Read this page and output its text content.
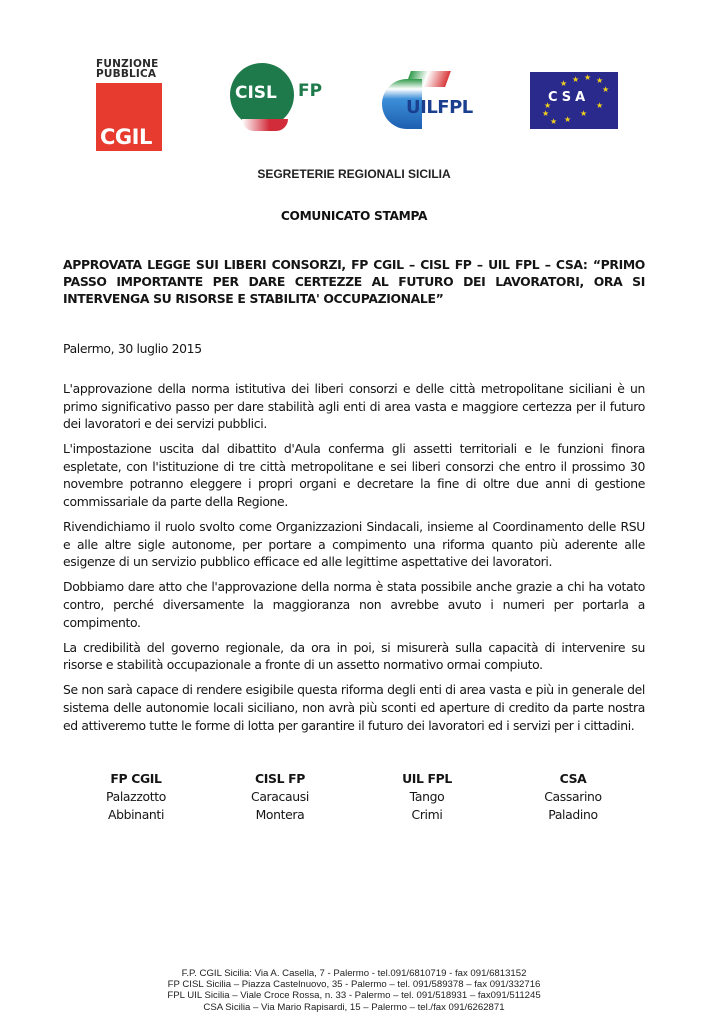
FUNZIONE
PUBBLICA
CGIL
CISL FP
UILFPL
★ ★ ★ ★
★
★
★
★
★
★
★
CSA
SEGRETERIE REGIONALI SICILIA
COMUNICATO STAMPA
APPROVATA LEGGE SUI LIBERI CONSORZI, FP CGIL – CISL FP – UIL FPL – CSA: “PRIMO PASSO IMPORTANTE PER DARE CERTEZZE AL FUTURO DEI LAVORATORI, ORA SI INTERVENGA SU RISORSE E STABILITA' OCCUPAZIONALE”
Palermo, 30 luglio 2015

L'approvazione della norma istitutiva dei liberi consorzi e delle città metropolitane siciliani è un primo significativo passo per dare stabilità agli enti di area vasta e maggiore certezza per il futuro dei lavoratori e dei servizi pubblici.

L'impostazione uscita dal dibattito d'Aula conferma gli assetti territoriali e le funzioni finora espletate, con l'istituzione di tre città metropolitane e sei liberi consorzi che entro il prossimo 30 novembre potranno eleggere i propri organi e decretare la fine di oltre due anni di gestione commissariale da parte della Regione.

Rivendichiamo il ruolo svolto come Organizzazioni Sindacali, insieme al Coordinamento delle RSU e alle altre sigle autonome, per portare a compimento una riforma quanto più aderente alle esigenze di un servizio pubblico efficace ed alle legittime aspettative dei lavoratori.

Dobbiamo dare atto che l'approvazione della norma è stata possibile anche grazie a chi ha votato contro, perché diversamente la maggioranza non avrebbe avuto i numeri per portarla a compimento.

La credibilità del governo regionale, da ora in poi, si misurerà sulla capacità di intervenire su risorse e stabilità occupazionale a fronte di un assetto normativo ormai compiuto.

Se non sarà capace di rendere esigibile questa riforma degli enti di area vasta e più in generale del sistema delle autonomie locali siciliano, non avrà più sconti ed aperture di credito da parte nostra ed attiveremo tutte le forme di lotta per garantire il futuro dei lavoratori ed i servizi per i cittadini.

FP CGIL
Palazzotto
Abbinanti
CISL FP
Caracausi
Montera
UIL FPL
Tango
Crimi
CSA
Cassarino
Paladino
F.P. CGIL Sicilia: Via A. Casella, 7 - Palermo - tel.091/6810719 - fax 091/6813152
FP CISL Sicilia – Piazza Castelnuovo, 35 - Palermo – tel. 091/589378 – fax 091/332716
FPL UIL Sicilia – Viale Croce Rossa, n. 33 - Palermo – tel. 091/518931 – fax091/511245
CSA Sicilia – Via Mario Rapisardi, 15 – Palermo – tel./fax 091/6262871
